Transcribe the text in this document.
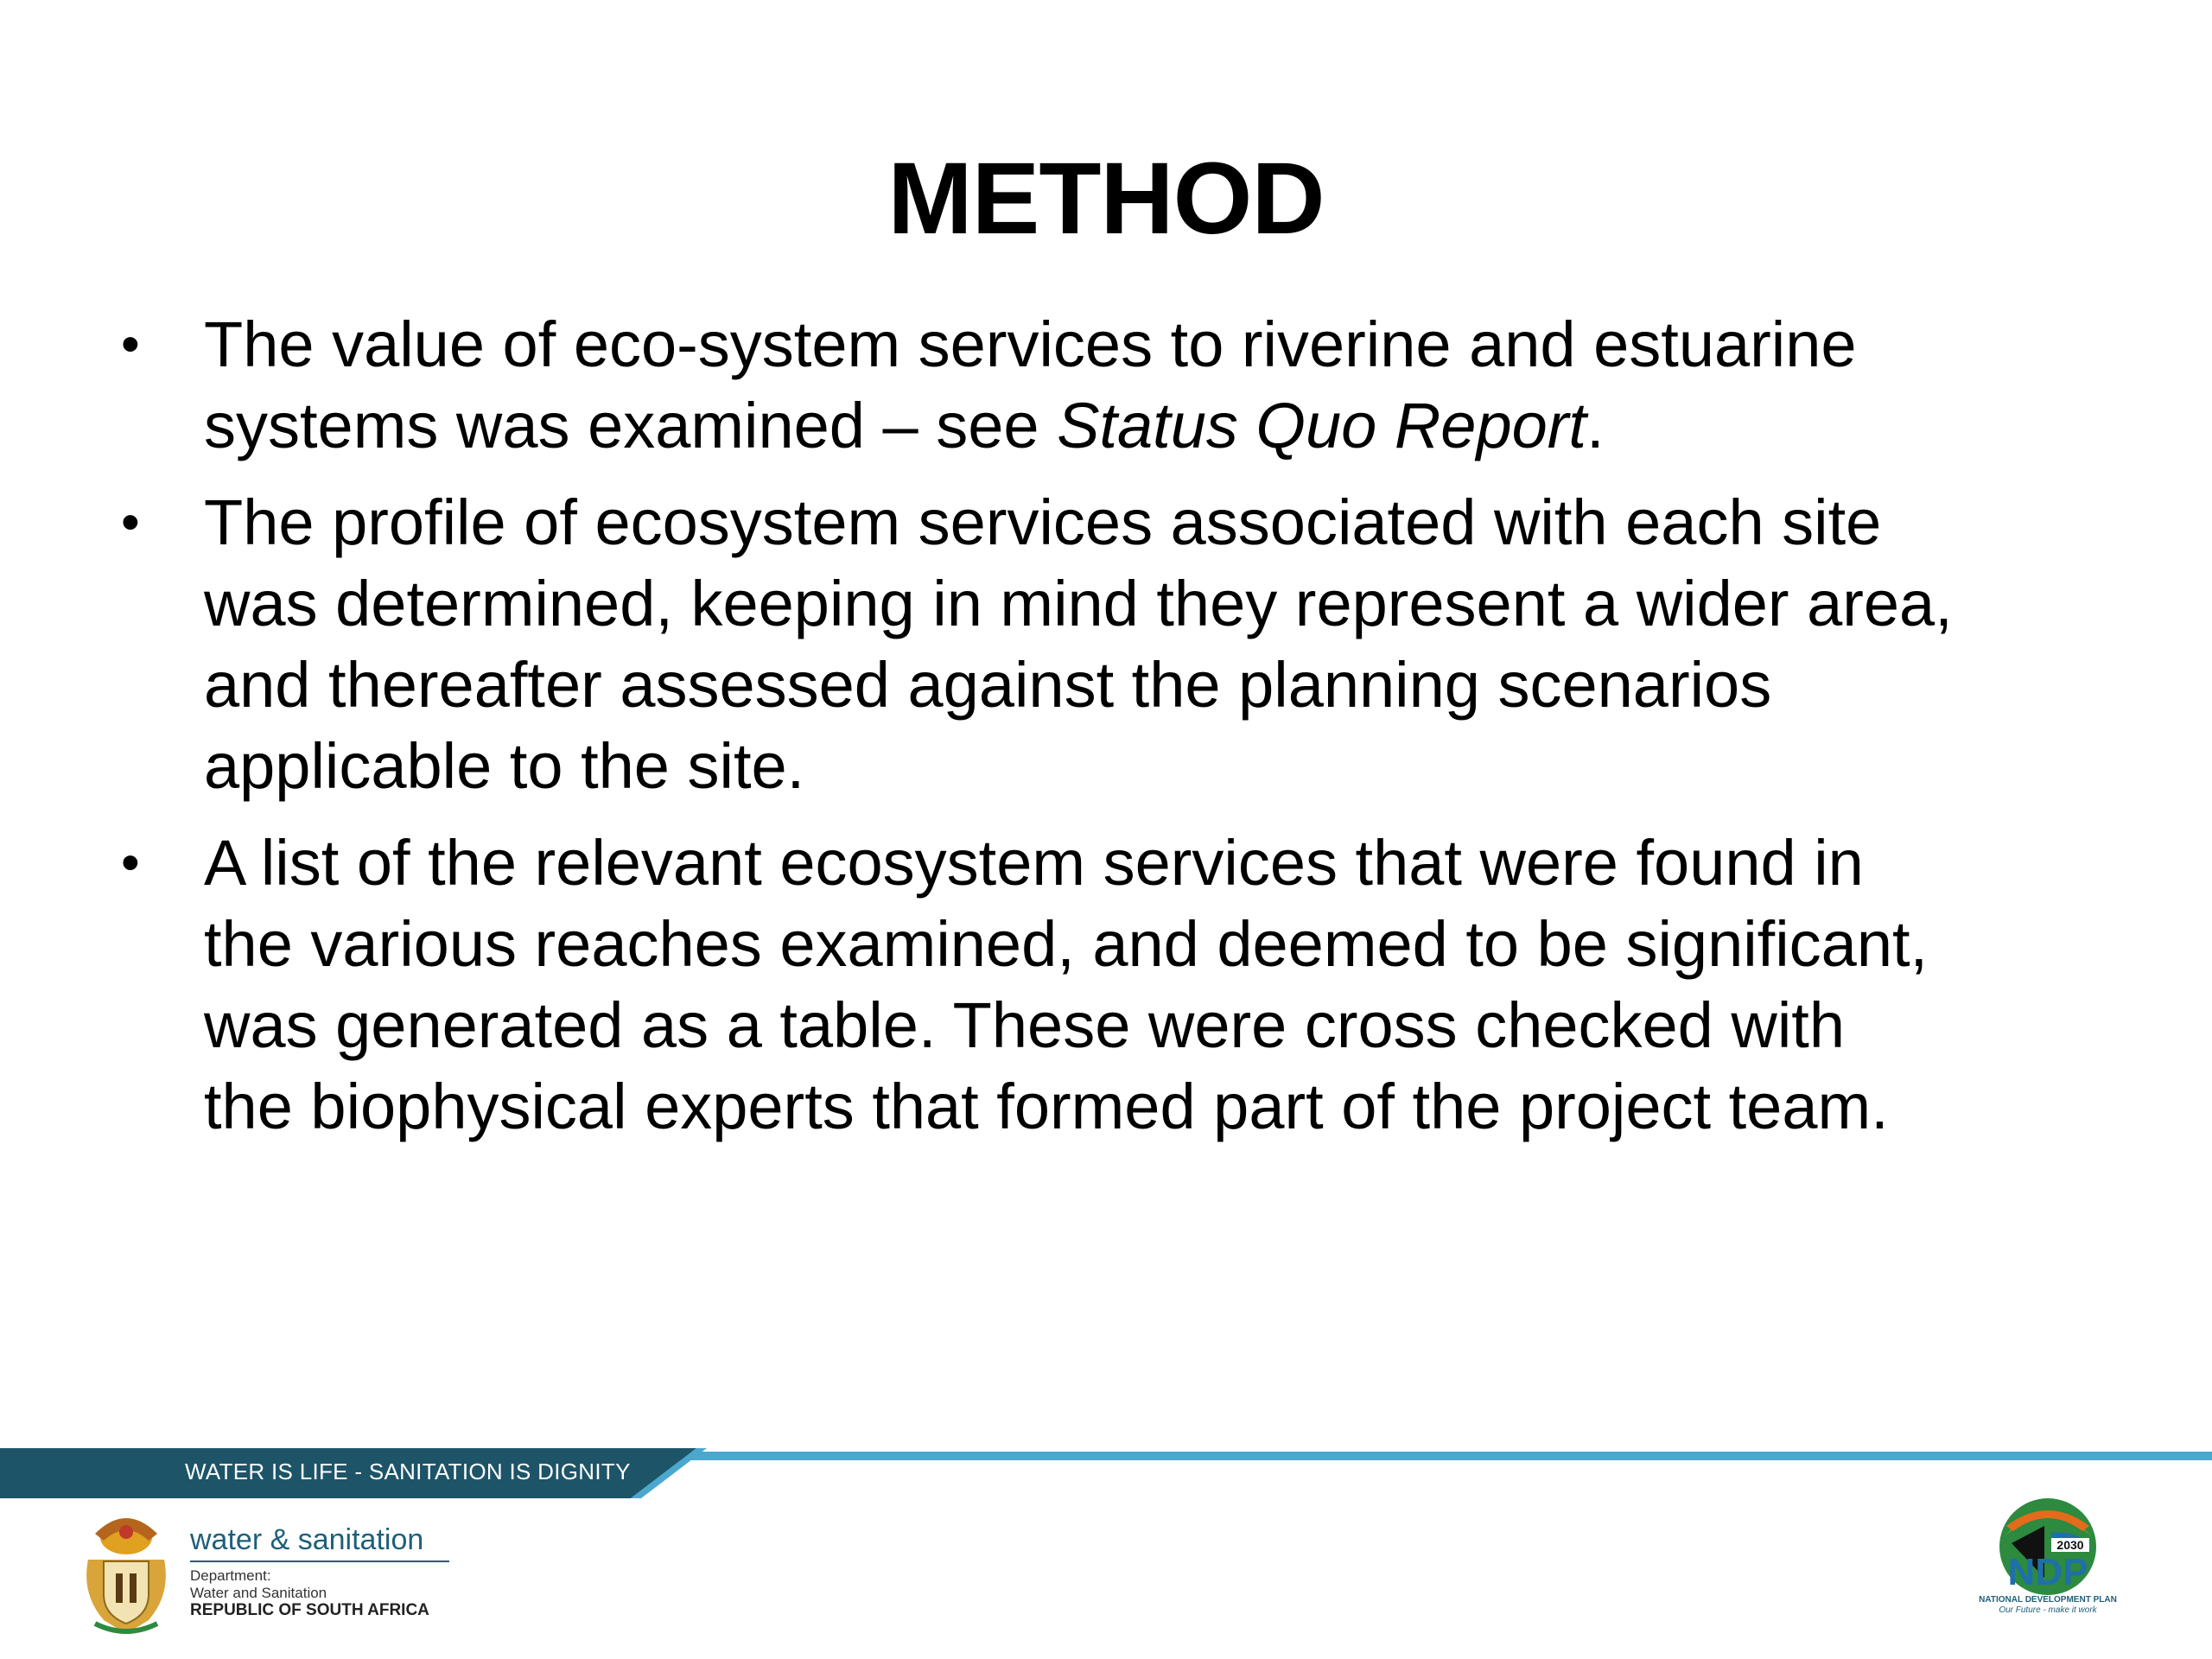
METHOD
• The value of eco-system services to riverine and estuarine
systems was examined – see Status Quo Report.
• The profile of ecosystem services associated with each site
was determined, keeping in mind they represent a wider area,
and thereafter assessed against the planning scenarios
applicable to the site.
• A list of the relevant ecosystem services that were found in
the various reaches examined, and deemed to be significant,
was generated as a table. These were cross checked with
the biophysical experts that formed part of the project team.
WATER IS LIFE - SANITATION IS DIGNITY
water & sanitation
Department:
Water and Sanitation
REPUBLIC OF SOUTH AFRICA
2030
NDP
NATIONAL DEVELOPMENT PLAN
Our Future - make it work
